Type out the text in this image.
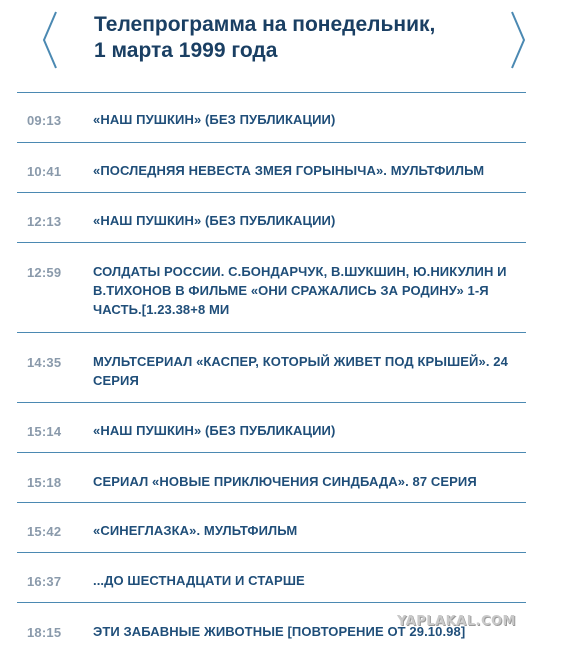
Телепрограмма на понедельник,
1 марта 1999 года
09:13 «НАШ ПУШКИН» (БЕЗ ПУБЛИКАЦИИ)
10:41 «ПОСЛЕДНЯЯ НЕВЕСТА ЗМЕЯ ГОРЫНЫЧА». МУЛЬТФИЛЬМ
12:13 «НАШ ПУШКИН» (БЕЗ ПУБЛИКАЦИИ)
12:59 СОЛДАТЫ РОССИИ. С.БОНДАРЧУК, В.ШУКШИН, Ю.НИКУЛИН И В.ТИХОНОВ В ФИЛЬМЕ «ОНИ СРАЖАЛИСЬ ЗА РОДИНУ» 1-Я ЧАСТЬ.[1.23.38+8 МИ
14:35 МУЛЬТСЕРИАЛ «КАСПЕР, КОТОРЫЙ ЖИВЕТ ПОД КРЫШЕЙ». 24 СЕРИЯ
15:14 «НАШ ПУШКИН» (БЕЗ ПУБЛИКАЦИИ)
15:18 СЕРИАЛ «НОВЫЕ ПРИКЛЮЧЕНИЯ СИНДБАДА». 87 СЕРИЯ
15:42 «СИНЕГЛАЗКА». МУЛЬТФИЛЬМ
16:37 ...ДО ШЕСТНАДЦАТИ И СТАРШЕ
18:15 ЭТИ ЗАБАВНЫЕ ЖИВОТНЫЕ [ПОВТОРЕНИЕ ОТ 29.10.98]
YAPLAKAL.COM
